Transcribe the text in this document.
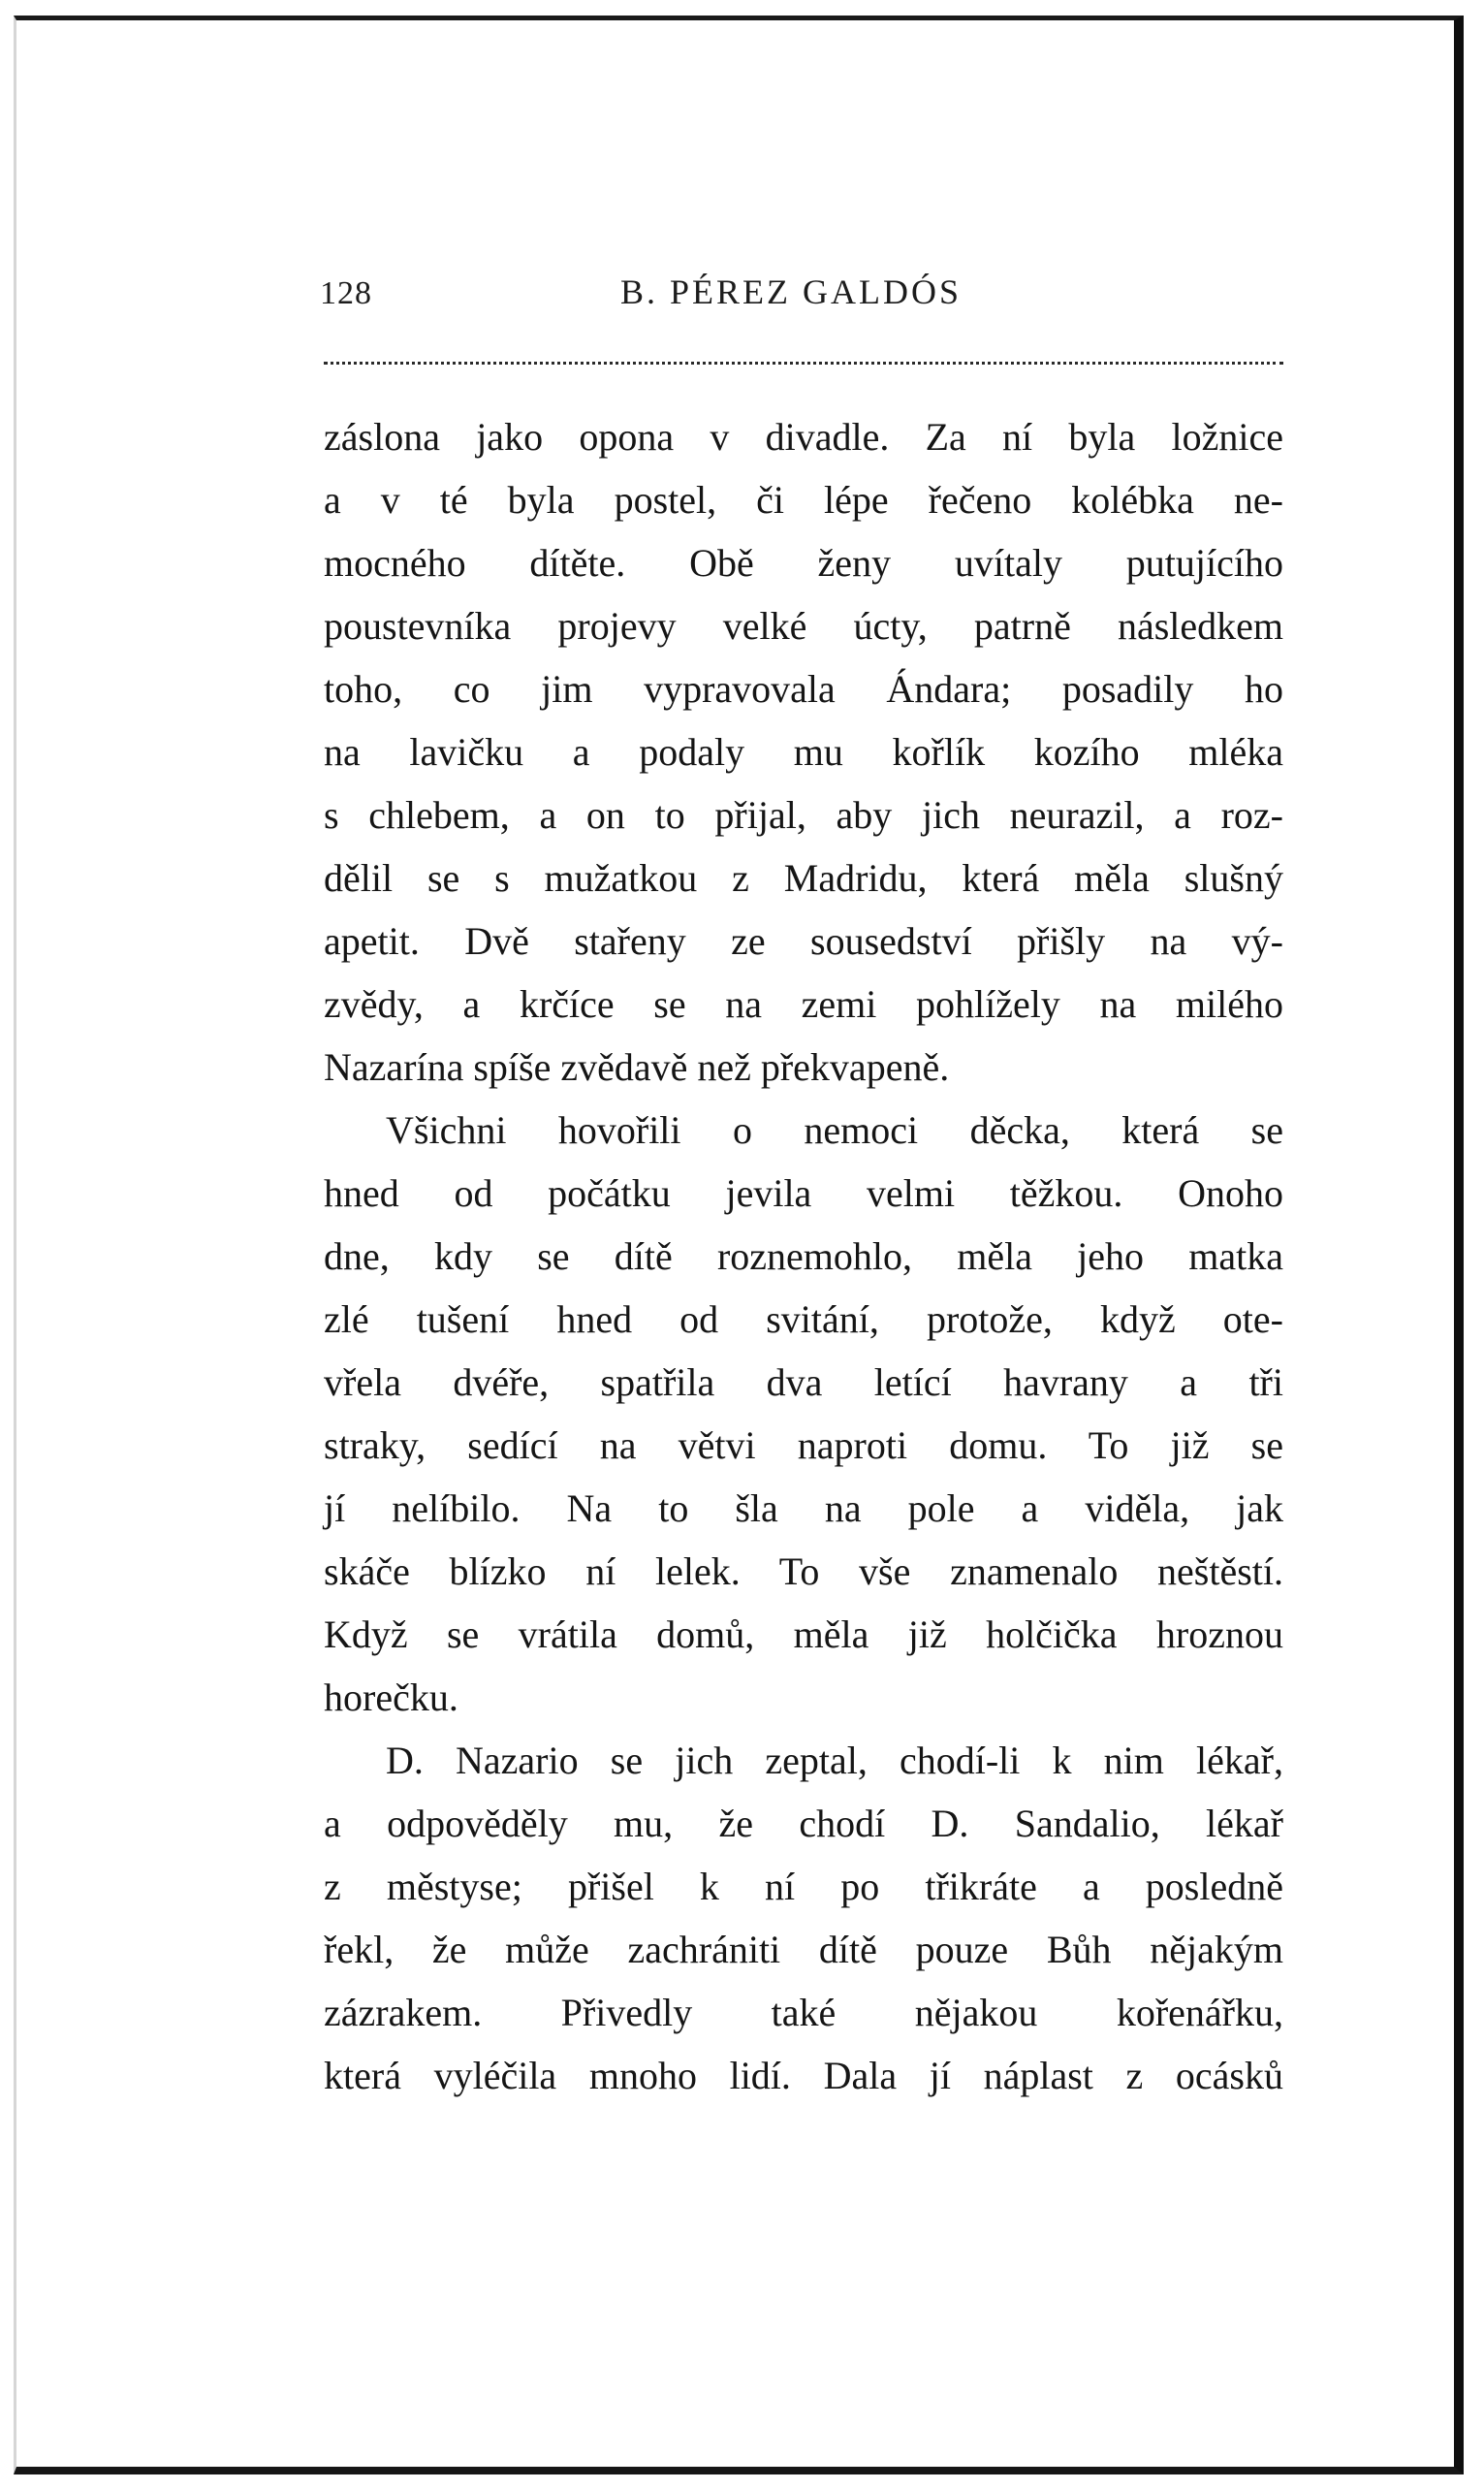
128	B. PÉREZ GALDÓS
záslona jako opona v divadle. Za ní byla ložnice
a v té byla postel, či lépe řečeno kolébka ne-
mocného dítěte. Obě ženy uvítaly putujícího
poustevníka projevy velké úcty, patrně následkem
toho, co jim vypravovala Ándara; posadily ho
na lavičku a podaly mu kořlík kozího mléka
s chlebem, a on to přijal, aby jich neurazil, a roz-
dělil se s mužatkou z Madridu, která měla slušný
apetit. Dvě stařeny ze sousedství přišly na vý-
zvědy, a krčíce se na zemi pohlížely na milého
Nazarína spíše zvědavě než překvapeně.
Všichni hovořili o nemoci děcka, která se
hned od počátku jevila velmi těžkou. Onoho
dne, kdy se dítě roznemohlo, měla jeho matka
zlé tušení hned od svitání, protože, když ote-
vřela dvéře, spatřila dva letící havrany a tři
straky, sedící na větvi naproti domu. To již se
jí nelíbilo. Na to šla na pole a viděla, jak
skáče blízko ní lelek. To vše znamenalo neštěstí.
Když se vrátila domů, měla již holčička hroznou
horečku.
D. Nazario se jich zeptal, chodí-li k nim lékař,
a odpověděly mu, že chodí D. Sandalio, lékař
z městyse; přišel k ní po třikráte a posledně
řekl, že může zachrániti dítě pouze Bůh nějakým
zázrakem. Přivedly také nějakou kořenářku,
která vyléčila mnoho lidí. Dala jí náplast z ocásků
